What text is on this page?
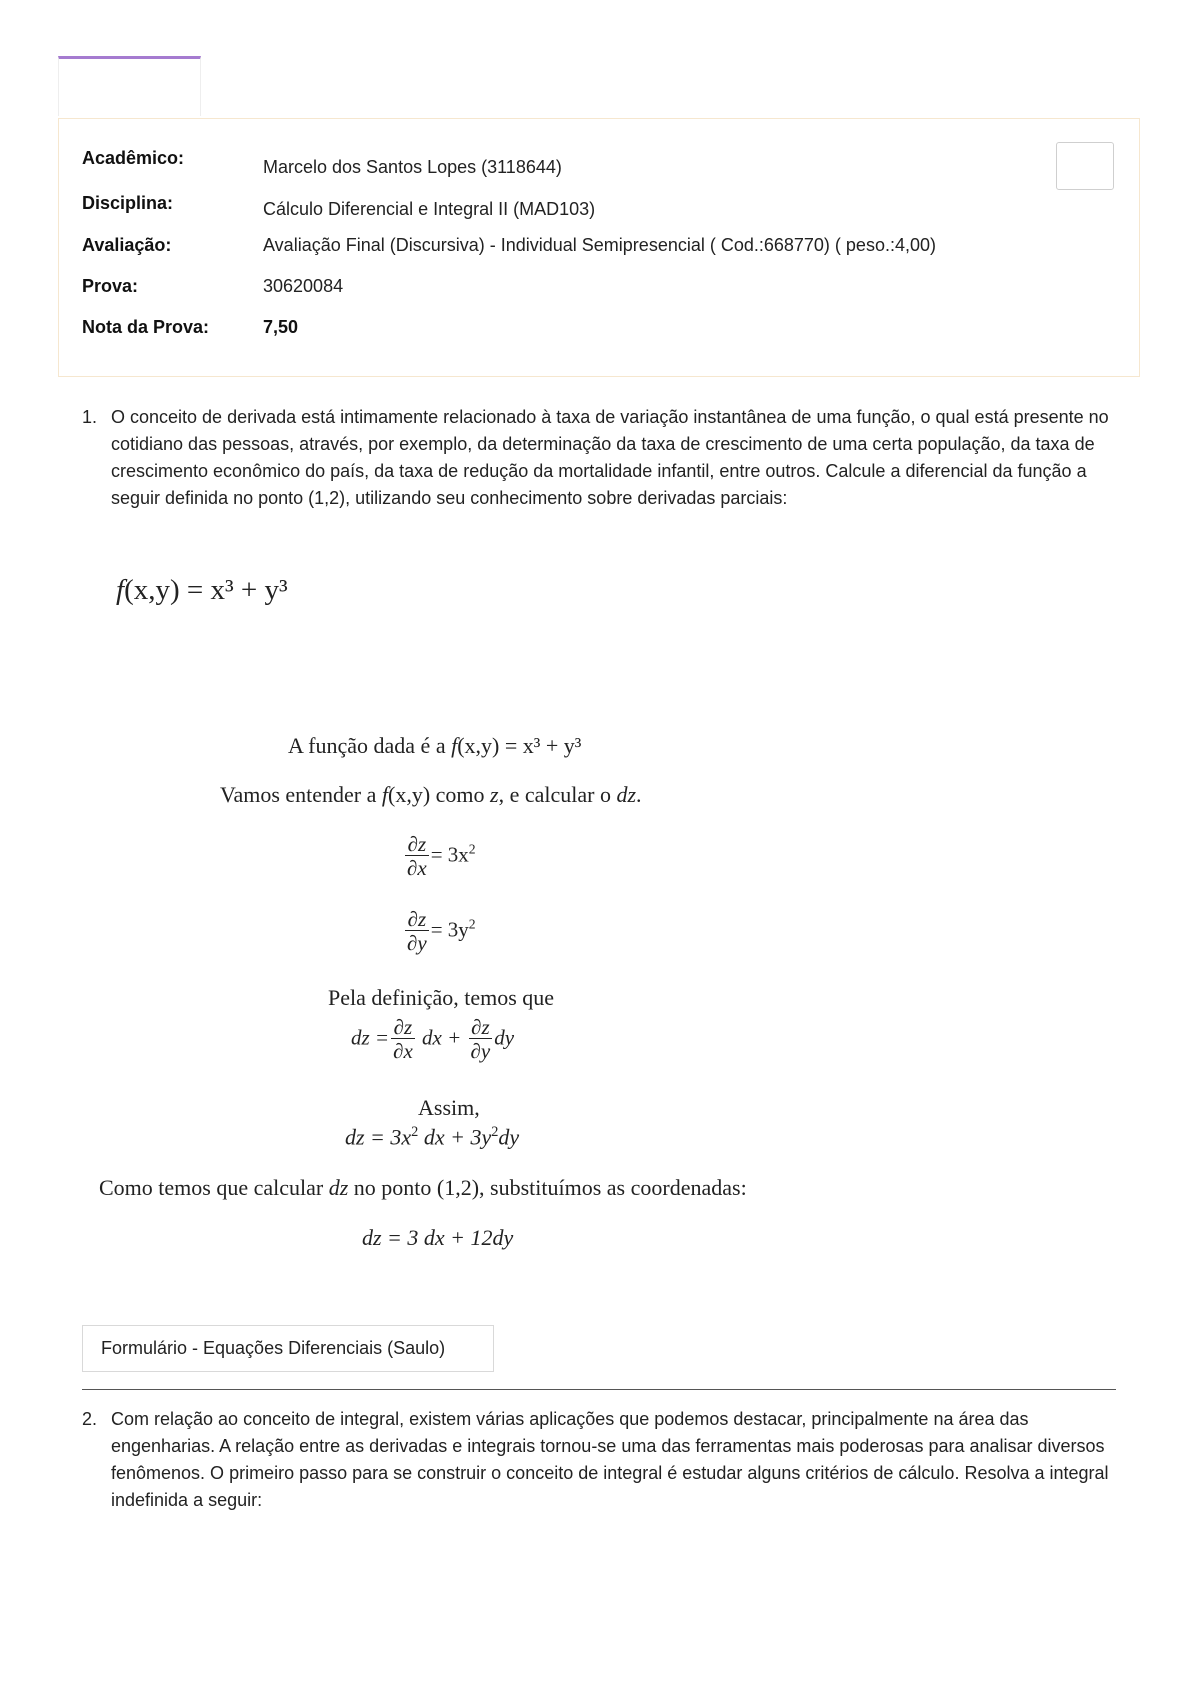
Acadêmico:	Marcelo dos Santos Lopes (3118644)
Disciplina:	Cálculo Diferencial e Integral II (MAD103)
Avaliação:	Avaliação Final (Discursiva) - Individual Semipresencial ( Cod.:668770) ( peso.:4,00)
Prova:	30620084
Nota da Prova:	7,50
1. O conceito de derivada está intimamente relacionado à taxa de variação instantânea de uma função, o qual está presente no cotidiano das pessoas, através, por exemplo, da determinação da taxa de crescimento de uma certa população, da taxa de crescimento econômico do país, da taxa de redução da mortalidade infantil, entre outros. Calcule a diferencial da função a seguir definida no ponto (1,2), utilizando seu conhecimento sobre derivadas parciais:
f(x,y) = x³ + y³
A função dada é a f(x,y) = x³ + y³
Vamos entender a f(x,y) como z, e calcular o dz.
$\frac{\partial z}{\partial x} = 3x^2$
$\frac{\partial z}{\partial y} = 3y^2$
Pela definição, temos que
dz = $\frac{\partial z}{\partial x}$ dx + $\frac{\partial z}{\partial y}$ dy
Assim,
dz = $3x^2$ dx + $3y^2dy$
Como temos que calcular dz no ponto (1,2), substituímos as coordenadas:
dz = 3 dx + 12dy
Formulário - Equações Diferenciais (Saulo)
2. Com relação ao conceito de integral, existem várias aplicações que podemos destacar, principalmente na área das engenharias. A relação entre as derivadas e integrais tornou-se uma das ferramentas mais poderosas para analisar diversos fenômenos. O primeiro passo para se construir o conceito de integral é estudar alguns critérios de cálculo. Resolva a integral indefinida a seguir:
